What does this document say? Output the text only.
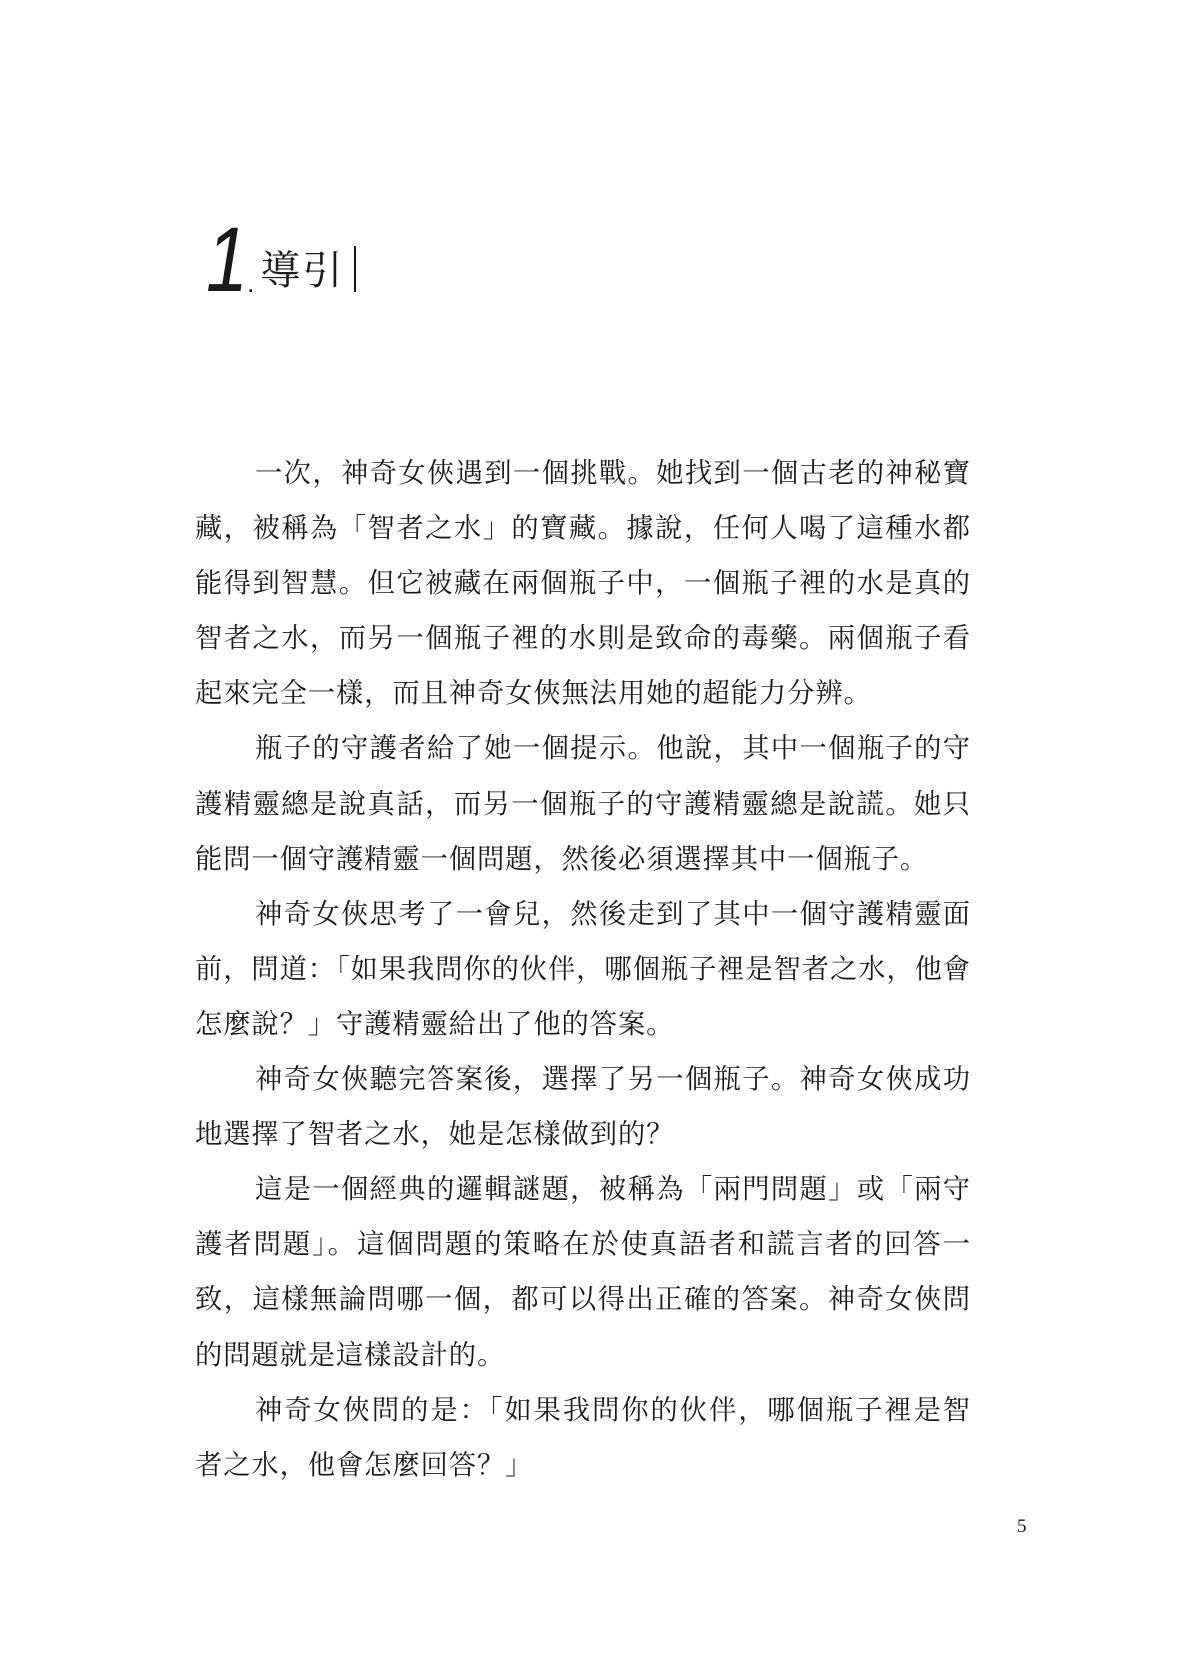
1 . 導引

一次，神奇女俠遇到一個挑戰。她找到一個古老的神秘寶藏，被稱為「智者之水」的寶藏。據說，任何人喝了這種水都能得到智慧。但它被藏在兩個瓶子中，一個瓶子裡的水是真的智者之水，而另一個瓶子裡的水則是致命的毒藥。兩個瓶子看起來完全一樣，而且神奇女俠無法用她的超能力分辨。

瓶子的守護者給了她一個提示。他說，其中一個瓶子的守護精靈總是說真話，而另一個瓶子的守護精靈總是說謊。她只能問一個守護精靈一個問題，然後必須選擇其中一個瓶子。

神奇女俠思考了一會兒，然後走到了其中一個守護精靈面前，問道：「如果我問你的伙伴，哪個瓶子裡是智者之水，他會怎麼說？」守護精靈給出了他的答案。

神奇女俠聽完答案後，選擇了另一個瓶子。神奇女俠成功地選擇了智者之水，她是怎樣做到的？

這是一個經典的邏輯謎題，被稱為「兩門問題」或「兩守護者問題」。這個問題的策略在於使真語者和謊言者的回答一致，這樣無論問哪一個，都可以得出正確的答案。神奇女俠問的問題就是這樣設計的。

神奇女俠問的是：「如果我問你的伙伴，哪個瓶子裡是智者之水，他會怎麼回答？」

5
